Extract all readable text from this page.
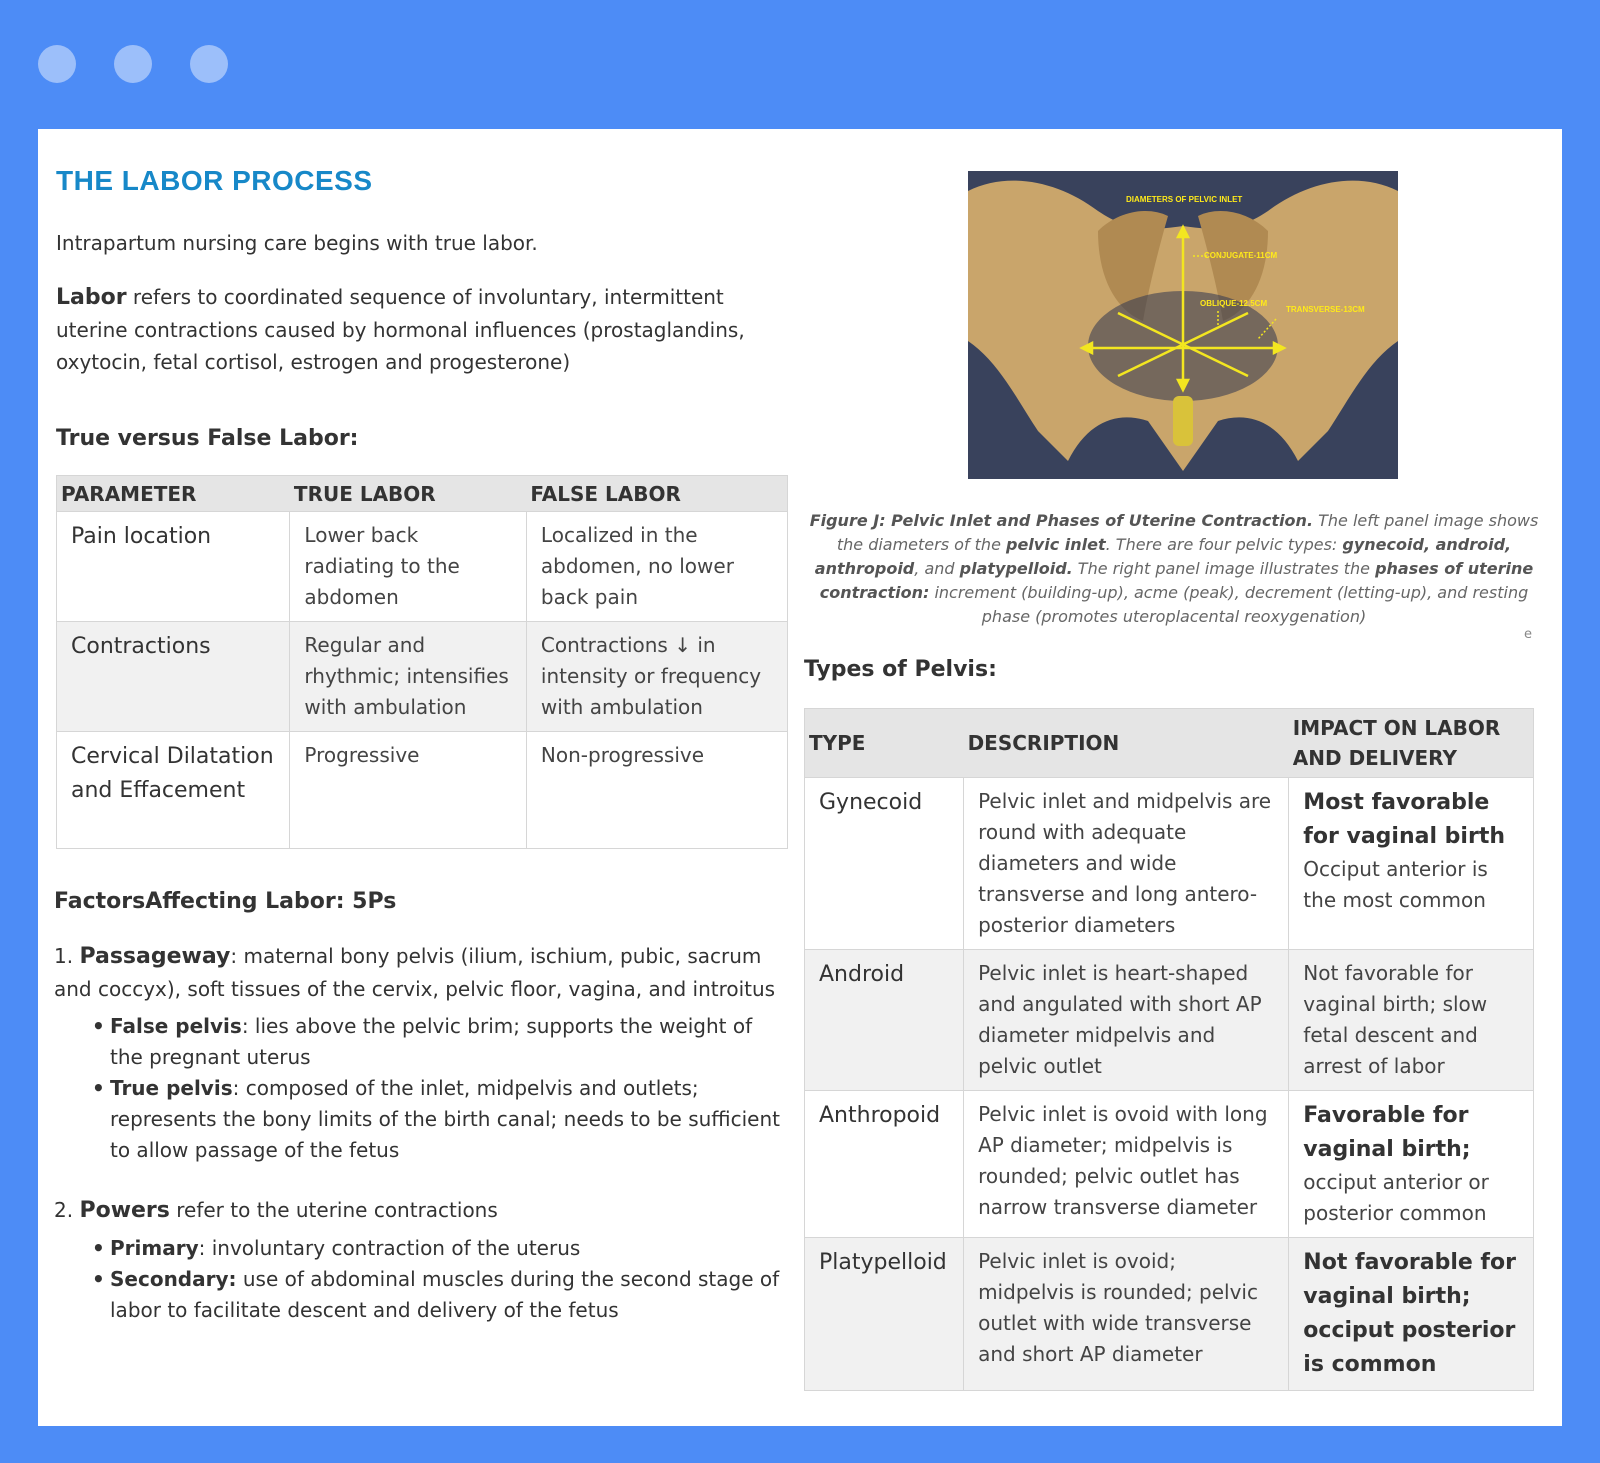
THE LABOR PROCESS

Intrapartum nursing care begins with true labor.

Labor refers to coordinated sequence of involuntary, intermittent uterine contractions caused by hormonal influences (prostaglandins, oxytocin, fetal cortisol, estrogen and progesterone)

True versus False Labor:
PARAMETER	TRUE LABOR	FALSE LABOR
Pain location	Lower back radiating to the abdomen	Localized in the abdomen, no lower back pain
Contractions	Regular and rhythmic; intensifies with ambulation	Contractions ↓ in intensity or frequency with ambulation
Cervical Dilatation and Effacement	Progressive	Non-progressive
FactorsAffecting Labor: 5Ps
1. Passageway: maternal bony pelvis (ilium, ischium, pubic, sacrum and coccyx), soft tissues of the cervix, pelvic floor, vagina, and introitus
• False pelvis: lies above the pelvic brim; supports the weight of the pregnant uterus
• True pelvis: composed of the inlet, midpelvis and outlets; represents the bony limits of the birth canal; needs to be sufficient to allow passage of the fetus
2. Powers refer to the uterine contractions
• Primary: involuntary contraction of the uterus
• Secondary: use of abdominal muscles during the second stage of labor to facilitate descent and delivery of the fetus
DIAMETERS OF PELVIC INLET
CONJUGATE-11CM
OBLIQUE-12.5CM
TRANSVERSE-13CM

Figure J: Pelvic Inlet and Phases of Uterine Contraction. The left panel image shows the diameters of the pelvic inlet. There are four pelvic types: gynecoid, android, anthropoid, and platypelloid. The right panel image illustrates the phases of uterine contraction: increment (building-up), acme (peak), decrement (letting-up), and resting phase (promotes uteroplacental reoxygenation)

e
Types of Pelvis:
TYPE	DESCRIPTION	IMPACT ON LABOR AND DELIVERY
Gynecoid	Pelvic inlet and midpelvis are round with adequate diameters and wide transverse and long antero-posterior diameters	Most favorable for vaginal birth
Occiput anterior is the most common

Android	Pelvic inlet is heart-shaped and angulated with short AP diameter midpelvis and pelvic outlet	Not favorable for vaginal birth; slow fetal descent and arrest of labor

Anthropoid	Pelvic inlet is ovoid with long AP diameter; midpelvis is rounded; pelvic outlet has narrow transverse diameter	Favorable for vaginal birth;
occiput anterior or posterior common

Platypelloid	Pelvic inlet is ovoid; midpelvis is rounded; pelvic outlet with wide transverse and short AP diameter	Not favorable for vaginal birth; occiput posterior is common
